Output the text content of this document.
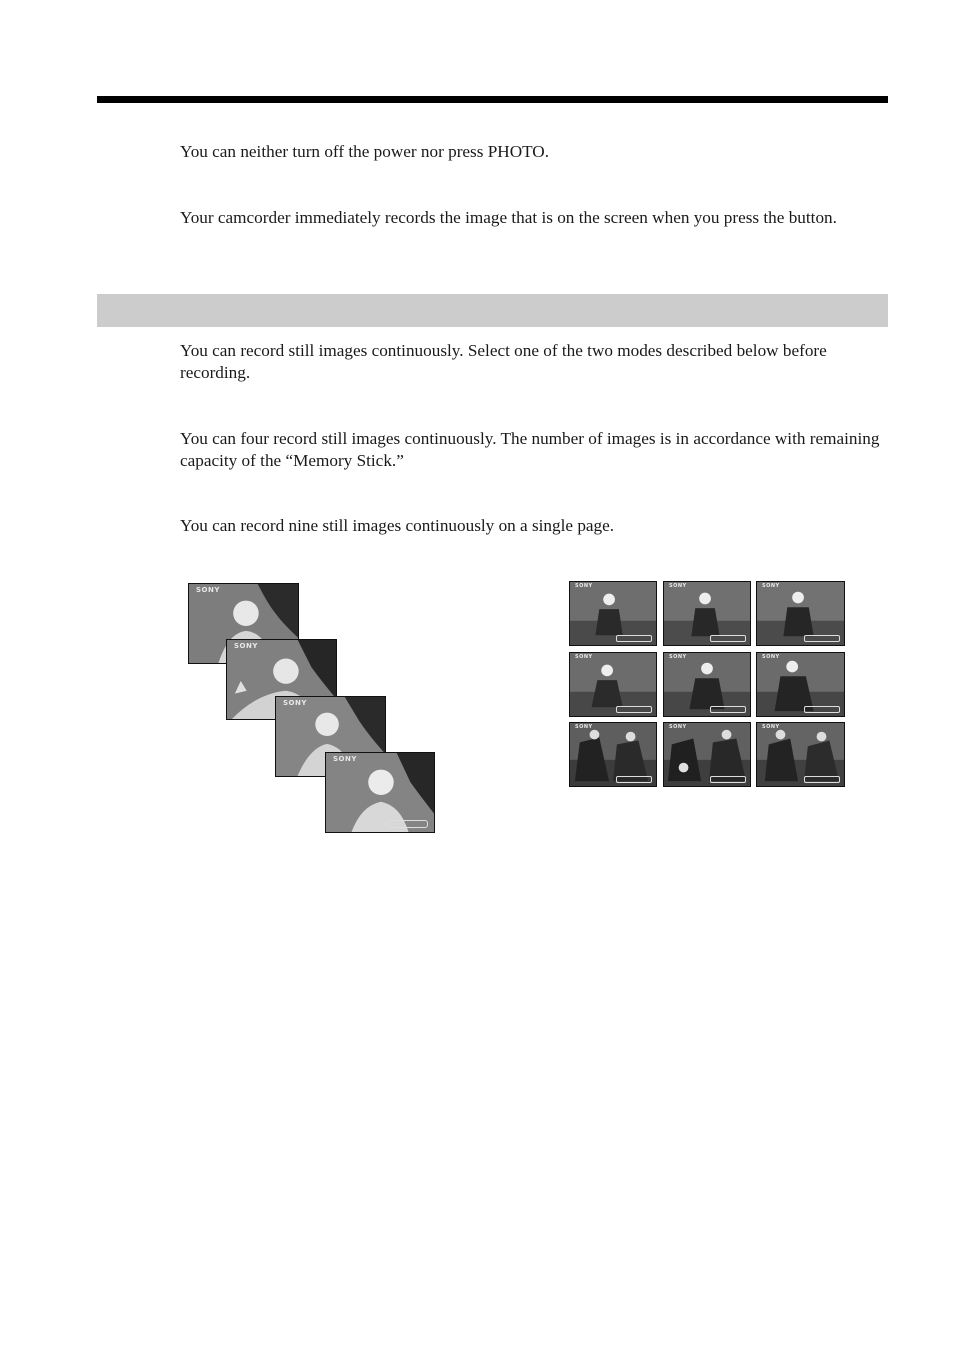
You can neither turn off the power nor press PHOTO.

Your camcorder immediately records the image that is on the screen when you press the button.

You can record still images continuously. Select one of the two modes described below before recording.

You can four record still images continuously. The number of images is in accordance with remaining capacity of the “Memory Stick.”

You can record nine still images continuously on a single page.

SONY
SONY
SONY
SONY
SONY	SONY	SONY
SONY	SONY	SONY
SONY	SONY	SONY
